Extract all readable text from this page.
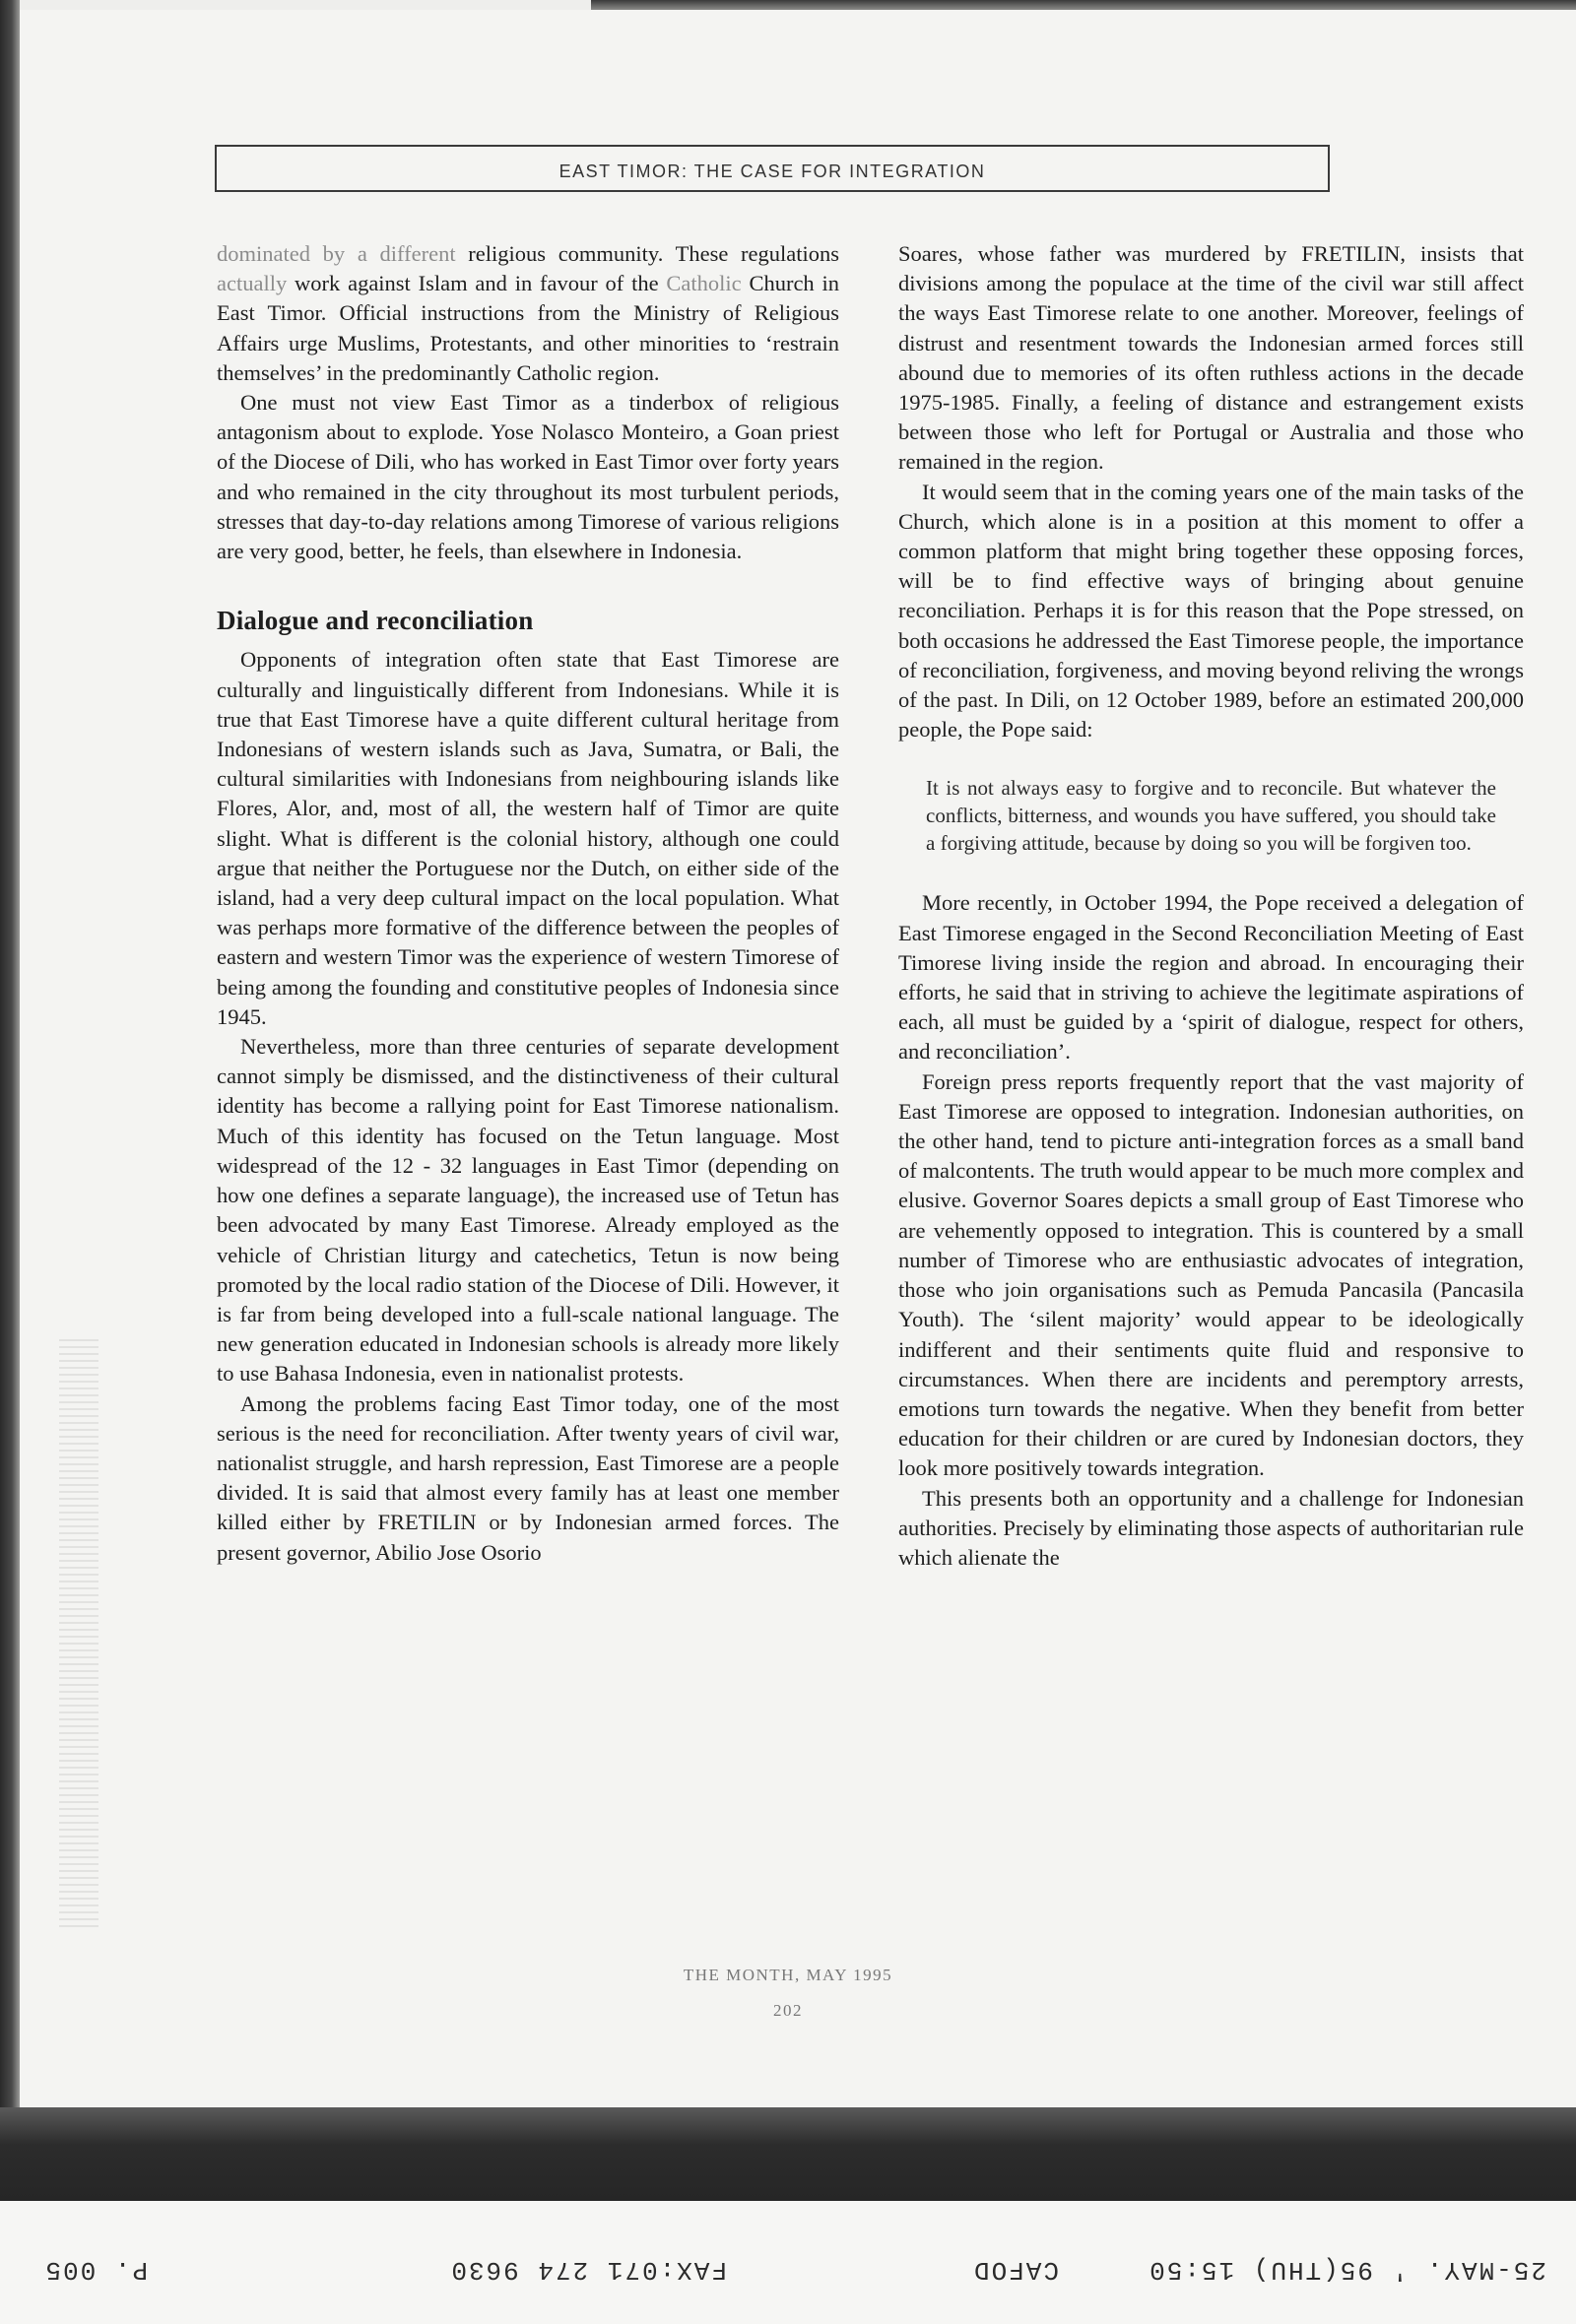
EAST TIMOR: THE CASE FOR INTEGRATION

dominated by a different religious community. These regulations actually work against Islam and in favour of the Catholic Church in East Timor. Official instructions from the Ministry of Religious Affairs urge Muslims, Protestants, and other minorities to ‘restrain themselves’ in the predominantly Catholic region.

One must not view East Timor as a tinderbox of religious antagonism about to explode. Yose Nolasco Monteiro, a Goan priest of the Diocese of Dili, who has worked in East Timor over forty years and who remained in the city throughout its most turbulent periods, stresses that day-to-day relations among Timorese of various religions are very good, better, he feels, than elsewhere in Indonesia.

Dialogue and reconciliation

Opponents of integration often state that East Timorese are culturally and linguistically different from Indonesians. While it is true that East Timorese have a quite different cultural heritage from Indonesians of western islands such as Java, Sumatra, or Bali, the cultural similarities with Indonesians from neighbouring islands like Flores, Alor, and, most of all, the western half of Timor are quite slight. What is different is the colonial history, although one could argue that neither the Portuguese nor the Dutch, on either side of the island, had a very deep cultural impact on the local population. What was perhaps more formative of the difference between the peoples of eastern and western Timor was the experience of western Timorese of being among the founding and constitutive peoples of Indonesia since 1945.

Nevertheless, more than three centuries of separate development cannot simply be dismissed, and the distinctiveness of their cultural identity has become a rallying point for East Timorese nationalism. Much of this identity has focused on the Tetun language. Most widespread of the 12 - 32 languages in East Timor (depending on how one defines a separate language), the increased use of Tetun has been advocated by many East Timorese. Already employed as the vehicle of Christian liturgy and catechetics, Tetun is now being promoted by the local radio station of the Diocese of Dili. However, it is far from being developed into a full-scale national language. The new generation educated in Indonesian schools is already more likely to use Bahasa Indonesia, even in nationalist protests.

Among the problems facing East Timor today, one of the most serious is the need for reconciliation. After twenty years of civil war, nationalist struggle, and harsh repression, East Timorese are a people divided. It is said that almost every family has at least one member killed either by FRETILIN or by Indonesian armed forces. The present governor, Abilio Jose Osorio

Soares, whose father was murdered by FRETILIN, insists that divisions among the populace at the time of the civil war still affect the ways East Timorese relate to one another. Moreover, feelings of distrust and resentment towards the Indonesian armed forces still abound due to memories of its often ruthless actions in the decade 1975-1985. Finally, a feeling of distance and estrangement exists between those who left for Portugal or Australia and those who remained in the region.

It would seem that in the coming years one of the main tasks of the Church, which alone is in a position at this moment to offer a common platform that might bring together these opposing forces, will be to find effective ways of bringing about genuine reconciliation. Perhaps it is for this reason that the Pope stressed, on both occasions he addressed the East Timorese people, the importance of reconciliation, forgiveness, and moving beyond reliving the wrongs of the past. In Dili, on 12 October 1989, before an estimated 200,000 people, the Pope said:

It is not always easy to forgive and to reconcile. But whatever the conflicts, bitterness, and wounds you have suffered, you should take a forgiving attitude, because by doing so you will be forgiven too.

More recently, in October 1994, the Pope received a delegation of East Timorese engaged in the Second Reconciliation Meeting of East Timorese living inside the region and abroad. In encouraging their efforts, he said that in striving to achieve the legitimate aspirations of each, all must be guided by a ‘spirit of dialogue, respect for others, and reconciliation’.

Foreign press reports frequently report that the vast majority of East Timorese are opposed to integration. Indonesian authorities, on the other hand, tend to picture anti-integration forces as a small band of malcontents. The truth would appear to be much more complex and elusive. Governor Soares depicts a small group of East Timorese who are vehemently opposed to integration. This is countered by a small number of Timorese who are enthusiastic advocates of integration, those who join organisations such as Pemuda Pancasila (Pancasila Youth). The ‘silent majority’ would appear to be ideologically indifferent and their sentiments quite fluid and responsive to circumstances. When there are incidents and peremptory arrests, emotions turn towards the negative. When they benefit from better education for their children or are cured by Indonesian doctors, they look more positively towards integration.

This presents both an opportunity and a challenge for Indonesian authorities. Precisely by eliminating those aspects of authoritarian rule which alienate the

THE MONTH, MAY 1995
202
25-MAY. ' 95(THU) 15:50
CAFOD
FAX:071 274 9630
P. 005
